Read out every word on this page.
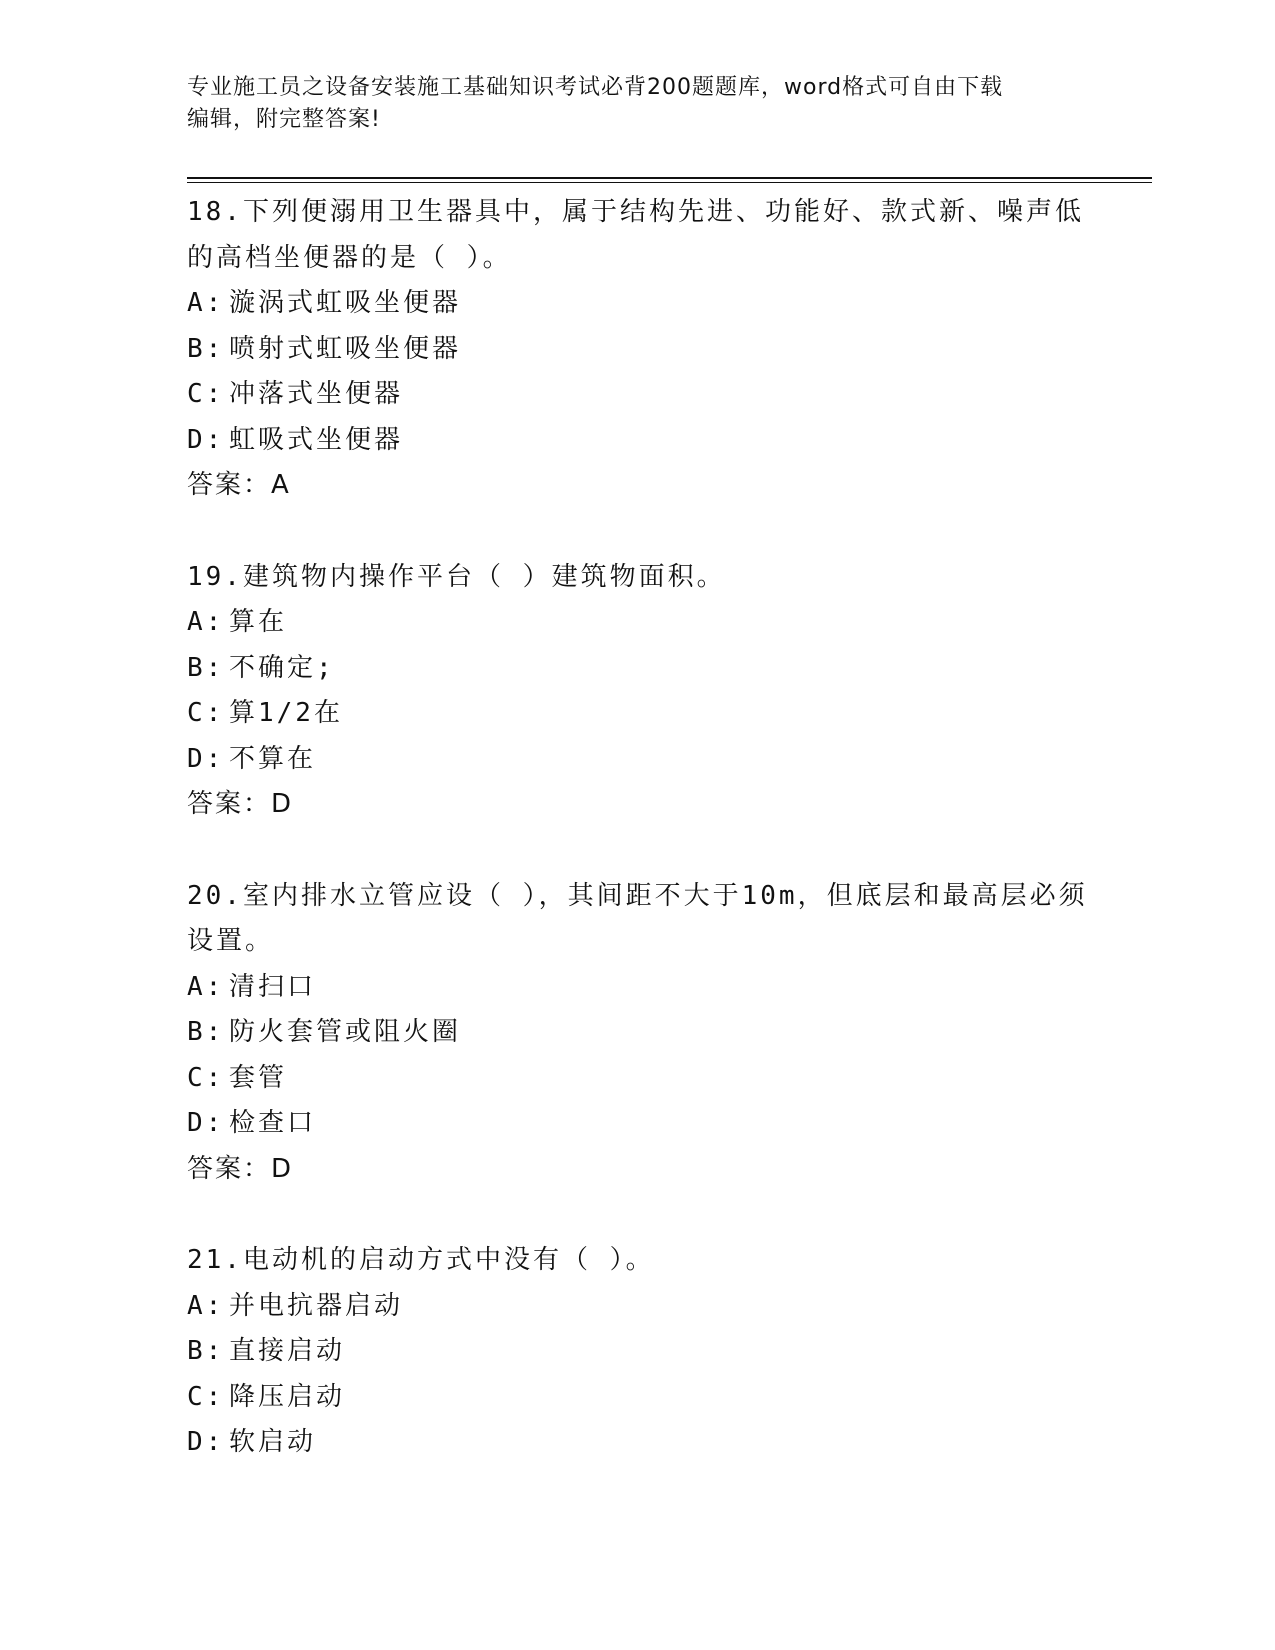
专业施工员之设备安装施工基础知识考试必背200题题库，word格式可自由下载
编辑，附完整答案!
18.下列便溺用卫生器具中，属于结构先进、功能好、款式新、噪声低
的高档坐便器的是（ ）。
A: 漩涡式虹吸坐便器
B: 喷射式虹吸坐便器
C: 冲落式坐便器
D: 虹吸式坐便器
答案：A
19.建筑物内操作平台（ ）建筑物面积。
A: 算在
B: 不确定;
C: 算1/2在
D: 不算在
答案：D
20.室内排水立管应设（ ），其间距不大于10m，但底层和最高层必须
设置。
A: 清扫口
B: 防火套管或阻火圈
C: 套管
D: 检查口
答案：D
21.电动机的启动方式中没有（ ）。
A: 并电抗器启动
B: 直接启动
C: 降压启动
D: 软启动
